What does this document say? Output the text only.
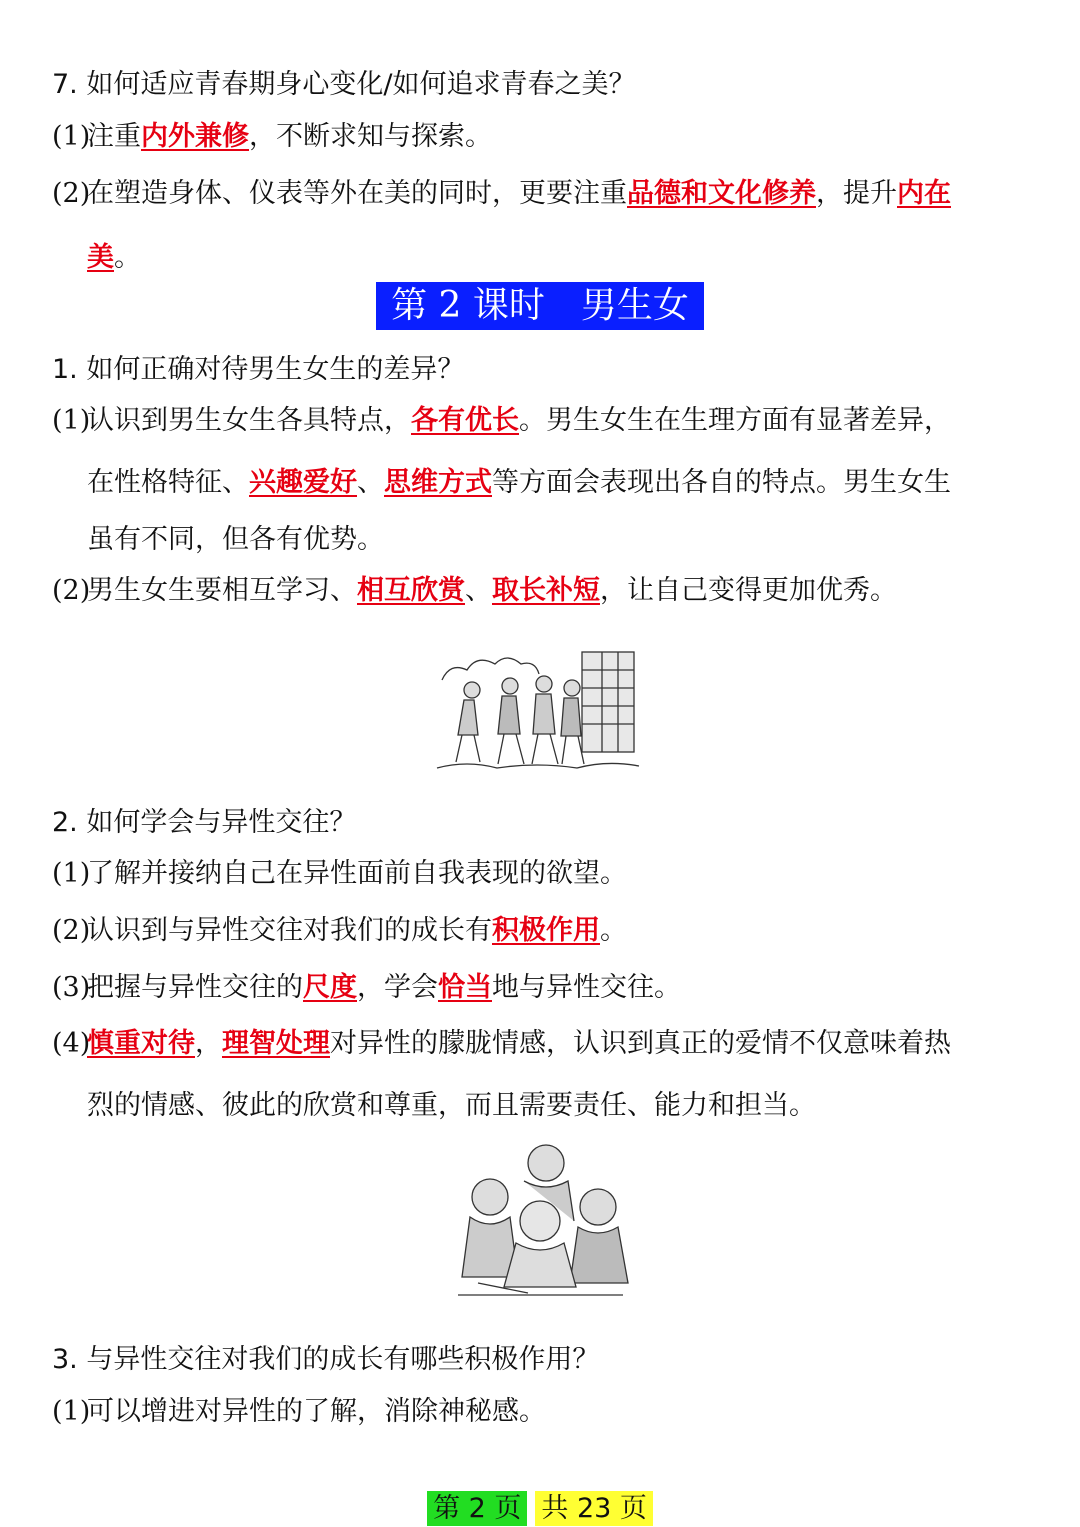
7. 如何适应青春期身心变化/如何追求青春之美？
(1)注重内外兼修，不断求知与探索。
(2)在塑造身体、仪表等外在美的同时，更要注重品德和文化修养，提升内在
美。
第 2 课时　男生女生
1. 如何正确对待男生女生的差异？
(1)认识到男生女生各具特点，各有优长。男生女生在生理方面有显著差异，
在性格特征、兴趣爱好、思维方式等方面会表现出各自的特点。男生女生
虽有不同，但各有优势。
(2)男生女生要相互学习、相互欣赏、取长补短，让自己变得更加优秀。
2. 如何学会与异性交往？
(1)了解并接纳自己在异性面前自我表现的欲望。
(2)认识到与异性交往对我们的成长有积极作用。
(3)把握与异性交往的尺度，学会恰当地与异性交往。
(4)慎重对待，理智处理对异性的朦胧情感，认识到真正的爱情不仅意味着热
烈的情感、彼此的欣赏和尊重，而且需要责任、能力和担当。
3. 与异性交往对我们的成长有哪些积极作用？
(1)可以增进对异性的了解，消除神秘感。
第 2 页 共 23 页
